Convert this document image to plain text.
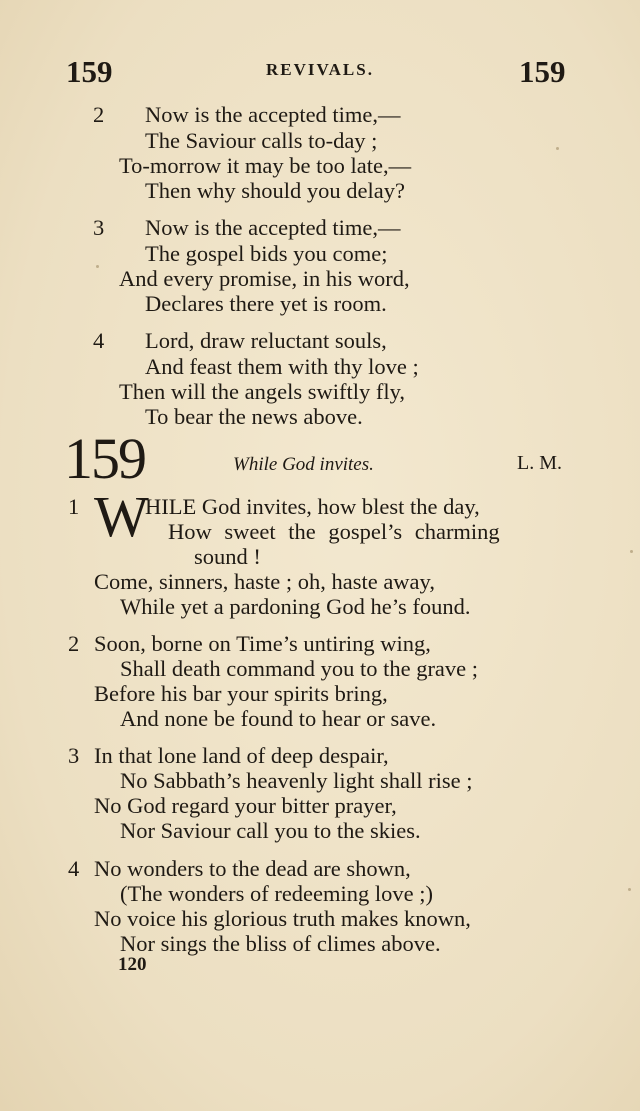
159	REVIVALS.	159
2 Now is the accepted time,—
The Saviour calls to-day ;
To-morrow it may be too late,—
Then why should you delay?
3 Now is the accepted time,—
The gospel bids you come;
And every promise, in his word,
Declares there yet is room.
4 Lord, draw reluctant souls,
And feast them with thy love ;
Then will the angels swiftly fly,
To bear the news above.
159	While God invites.	L. M.
1 W
HILE God invites, how blest the day,
How sweet the gospel’s charming
sound !
Come, sinners, haste ; oh, haste away,
While yet a pardoning God he’s found.
2 Soon, borne on Time’s untiring wing,
Shall death command you to the grave ;
Before his bar your spirits bring,
And none be found to hear or save.
3 In that lone land of deep despair,
No Sabbath’s heavenly light shall rise ;
No God regard your bitter prayer,
Nor Saviour call you to the skies.
4 No wonders to the dead are shown,
(The wonders of redeeming love ;)
No voice his glorious truth makes known,
Nor sings the bliss of climes above.
120
